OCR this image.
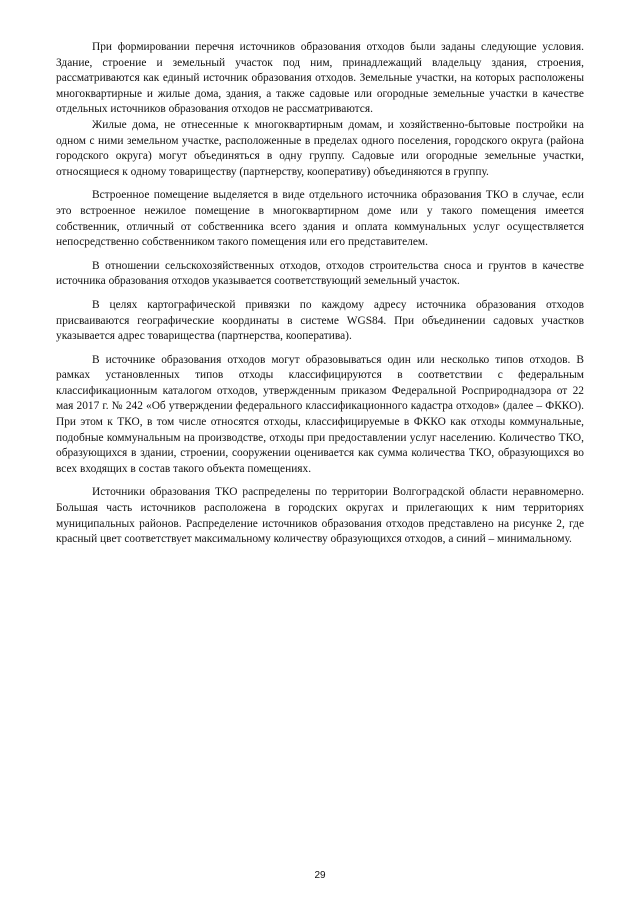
При формировании перечня источников образования отходов были заданы следующие условия. Здание, строение и земельный участок под ним, принадлежащий владельцу здания, строения, рассматриваются как единый источник образования отходов. Земельные участки, на которых расположены многоквартирные и жилые дома, здания, а также садовые или огородные земельные участки в качестве отдельных источников образования отходов не рассматриваются.

Жилые дома, не отнесенные к многоквартирным домам, и хозяйственно-бытовые постройки на одном с ними земельном участке, расположенные в пределах одного поселения, городского округа (района городского округа) могут объединяться в одну группу. Садовые или огородные земельные участки, относящиеся к одному товариществу (партнерству, кооперативу) объединяются в группу.

Встроенное помещение выделяется в виде отдельного источника образования ТКО в случае, если это встроенное нежилое помещение в многоквартирном доме или у такого помещения имеется собственник, отличный от собственника всего здания и оплата коммунальных услуг осуществляется непосредственно собственником такого помещения или его представителем.

В отношении сельскохозяйственных отходов, отходов строительства сноса и грунтов в качестве источника образования отходов указывается соответствующий земельный участок.

В целях картографической привязки по каждому адресу источника образования отходов присваиваются географические координаты в системе WGS84. При объединении садовых участков указывается адрес товарищества (партнерства, кооператива).

В источнике образования отходов могут образовываться один или несколько типов отходов. В рамках установленных типов отходы классифицируются в соответствии с федеральным классификационным каталогом отходов, утвержденным приказом Федеральной Росприроднадзора от 22 мая 2017 г. № 242 «Об утверждении федерального классификационного кадастра отходов» (далее – ФККО). При этом к ТКО, в том числе относятся отходы, классифицируемые в ФККО как отходы коммунальные, подобные коммунальным на производстве, отходы при предоставлении услуг населению. Количество ТКО, образующихся в здании, строении, сооружении оценивается как сумма количества ТКО, образующихся во всех входящих в состав такого объекта помещениях.

Источники образования ТКО распределены по территории Волгоградской области неравномерно. Большая часть источников расположена в городских округах и прилегающих к ним территориях муниципальных районов. Распределение источников образования отходов представлено на рисунке 2, где красный цвет соответствует максимальному количеству образующихся отходов, а синий – минимальному.

29
